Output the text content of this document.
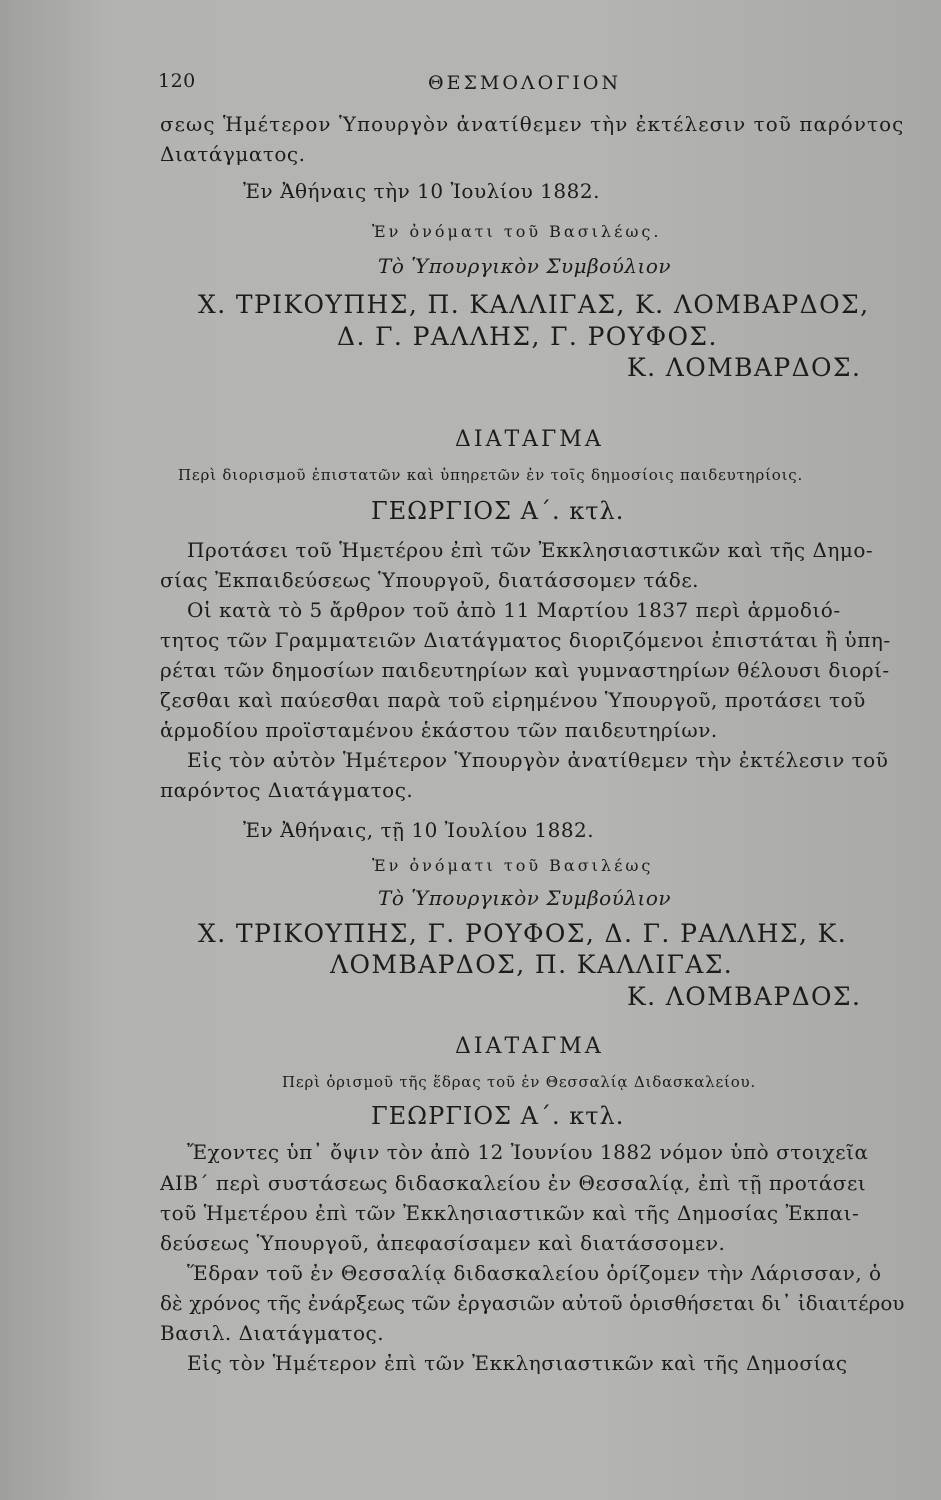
120	ΘΕΣΜΟΛΟΓΙΟΝ
σεως Ἡμέτερον Ὑπουργὸν ἀνατίθεμεν τὴν ἐκτέλεσιν τοῦ παρόντος
Διατάγματος.
Ἐν Ἀθήναις τὴν 10 Ἰουλίου 1882.
Ἐν ὀνόματι τοῦ Βασιλέως.
Τὸ Ὑπουργικὸν Συμβούλιον
Χ. ΤΡΙΚΟΥΠΗΣ, Π. ΚΑΛΛΙΓΑΣ, Κ. ΛΟΜΒΑΡΔΟΣ,
Δ. Γ. ΡΑΛΛΗΣ, Γ. ΡΟΥΦΟΣ.
Κ. ΛΟΜΒΑΡΔΟΣ.
ΔΙΑΤΑΓΜΑ
Περὶ διορισμοῦ ἐπιστατῶν καὶ ὑπηρετῶν ἐν τοῖς δημοσίοις παιδευτηρίοις.
ΓΕΩΡΓΙΟΣ Α΄. κτλ.
Προτάσει τοῦ Ἡμετέρου ἐπὶ τῶν Ἐκκλησιαστικῶν καὶ τῆς Δημο-
σίας Ἐκπαιδεύσεως Ὑπουργοῦ, διατάσσομεν τάδε.
Οἱ κατὰ τὸ 5 ἄρθρον τοῦ ἀπὸ 11 Μαρτίου 1837 περὶ ἁρμοδιό-
τητος τῶν Γραμματειῶν Διατάγματος διοριζόμενοι ἐπιστάται ἢ ὑπη-
ρέται τῶν δημοσίων παιδευτηρίων καὶ γυμναστηρίων θέλουσι διορί-
ζεσθαι καὶ παύεσθαι παρὰ τοῦ εἰρημένου Ὑπουργοῦ, προτάσει τοῦ
ἁρμοδίου προϊσταμένου ἑκάστου τῶν παιδευτηρίων.
Εἰς τὸν αὐτὸν Ἡμέτερον Ὑπουργὸν ἀνατίθεμεν τὴν ἐκτέλεσιν τοῦ
παρόντος Διατάγματος.
Ἐν Ἀθήναις, τῇ 10 Ἰουλίου 1882.
Ἐν ὀνόματι τοῦ Βασιλέως
Τὸ Ὑπουργικὸν Συμβούλιον
Χ. ΤΡΙΚΟΥΠΗΣ, Γ. ΡΟΥΦΟΣ, Δ. Γ. ΡΑΛΛΗΣ, Κ.
ΛΟΜΒΑΡΔΟΣ, Π. ΚΑΛΛΙΓΑΣ.
Κ. ΛΟΜΒΑΡΔΟΣ.
ΔΙΑΤΑΓΜΑ
Περὶ ὁρισμοῦ τῆς ἕδρας τοῦ ἐν Θεσσαλίᾳ Διδασκαλείου.
ΓΕΩΡΓΙΟΣ Α΄. κτλ.
Ἔχοντες ὑπ᾿ ὄψιν τὸν ἀπὸ 12 Ἰουνίου 1882 νόμον ὑπὸ στοιχεῖα
ΑΙΒ΄ περὶ συστάσεως διδασκαλείου ἐν Θεσσαλίᾳ, ἐπὶ τῇ προτάσει
τοῦ Ἡμετέρου ἐπὶ τῶν Ἐκκλησιαστικῶν καὶ τῆς Δημοσίας Ἐκπαι-
δεύσεως Ὑπουργοῦ, ἀπεφασίσαμεν καὶ διατάσσομεν.
Ἕδραν τοῦ ἐν Θεσσαλίᾳ διδασκαλείου ὁρίζομεν τὴν Λάρισσαν, ὁ
δὲ χρόνος τῆς ἐνάρξεως τῶν ἐργασιῶν αὐτοῦ ὁρισθήσεται δι᾿ ἰδιαιτέρου
Βασιλ. Διατάγματος.
Εἰς τὸν Ἡμέτερον ἐπὶ τῶν Ἐκκλησιαστικῶν καὶ τῆς Δημοσίας
